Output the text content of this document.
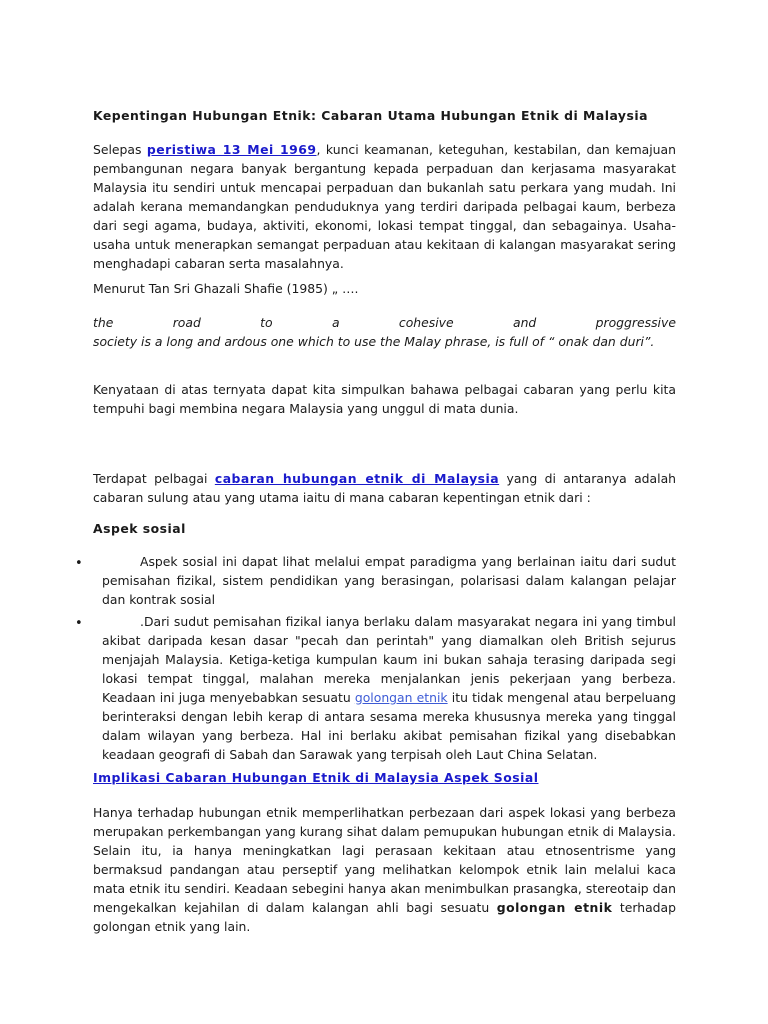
Kepentingan Hubungan Etnik: Cabaran Utama Hubungan Etnik di Malaysia
Selepas peristiwa 13 Mei 1969, kunci keamanan, keteguhan, kestabilan, dan kemajuan pembangunan negara banyak bergantung kepada perpaduan dan kerjasama masyarakat Malaysia itu sendiri untuk mencapai perpaduan dan bukanlah satu perkara yang mudah. Ini adalah kerana memandangkan penduduknya yang terdiri daripada pelbagai kaum, berbeza dari segi agama, budaya, aktiviti, ekonomi, lokasi tempat tinggal, dan sebagainya. Usaha-usaha untuk menerapkan semangat perpaduan atau kekitaan di kalangan masyarakat sering menghadapi cabaran serta masalahnya.
Menurut Tan Sri Ghazali Shafie (1985) „ ….
the	road	to	a	cohesive	and	proggressive
society is a long and ardous one which to use the Malay phrase, is full of “ onak dan duri”.
Kenyataan di atas ternyata dapat kita simpulkan bahawa pelbagai cabaran yang perlu kita tempuhi bagi membina negara Malaysia yang unggul di mata dunia.
Terdapat pelbagai cabaran hubungan etnik di Malaysia yang di antaranya adalah cabaran sulung atau yang utama iaitu di mana cabaran kepentingan etnik dari :
Aspek sosial
•	Aspek sosial ini dapat lihat melalui empat paradigma yang berlainan iaitu dari sudut pemisahan fizikal, sistem pendidikan yang berasingan, polarisasi dalam kalangan pelajar dan kontrak sosial
•	.Dari sudut pemisahan fizikal ianya berlaku dalam masyarakat negara ini yang timbul akibat daripada kesan dasar "pecah dan perintah" yang diamalkan oleh British sejurus menjajah Malaysia. Ketiga-ketiga kumpulan kaum ini bukan sahaja terasing daripada segi lokasi tempat tinggal, malahan mereka menjalankan jenis pekerjaan yang berbeza. Keadaan ini juga menyebabkan sesuatu golongan etnik itu tidak mengenal atau berpeluang berinteraksi dengan lebih kerap di antara sesama mereka khususnya mereka yang tinggal dalam wilayan yang berbeza. Hal ini berlaku akibat pemisahan fizikal yang disebabkan keadaan geografi di Sabah dan Sarawak yang terpisah oleh Laut China Selatan.
Implikasi Cabaran Hubungan Etnik di Malaysia Aspek Sosial
Hanya terhadap hubungan etnik memperlihatkan perbezaan dari aspek lokasi yang berbeza merupakan perkembangan yang kurang sihat dalam pemupukan hubungan etnik di Malaysia. Selain itu, ia hanya meningkatkan lagi perasaan kekitaan atau etnosentrisme yang bermaksud pandangan atau perseptif yang melihatkan kelompok etnik lain melalui kaca mata etnik itu sendiri. Keadaan sebegini hanya akan menimbulkan prasangka, stereotaip dan mengekalkan kejahilan di dalam kalangan ahli bagi sesuatu golongan etnik terhadap golongan etnik yang lain.
